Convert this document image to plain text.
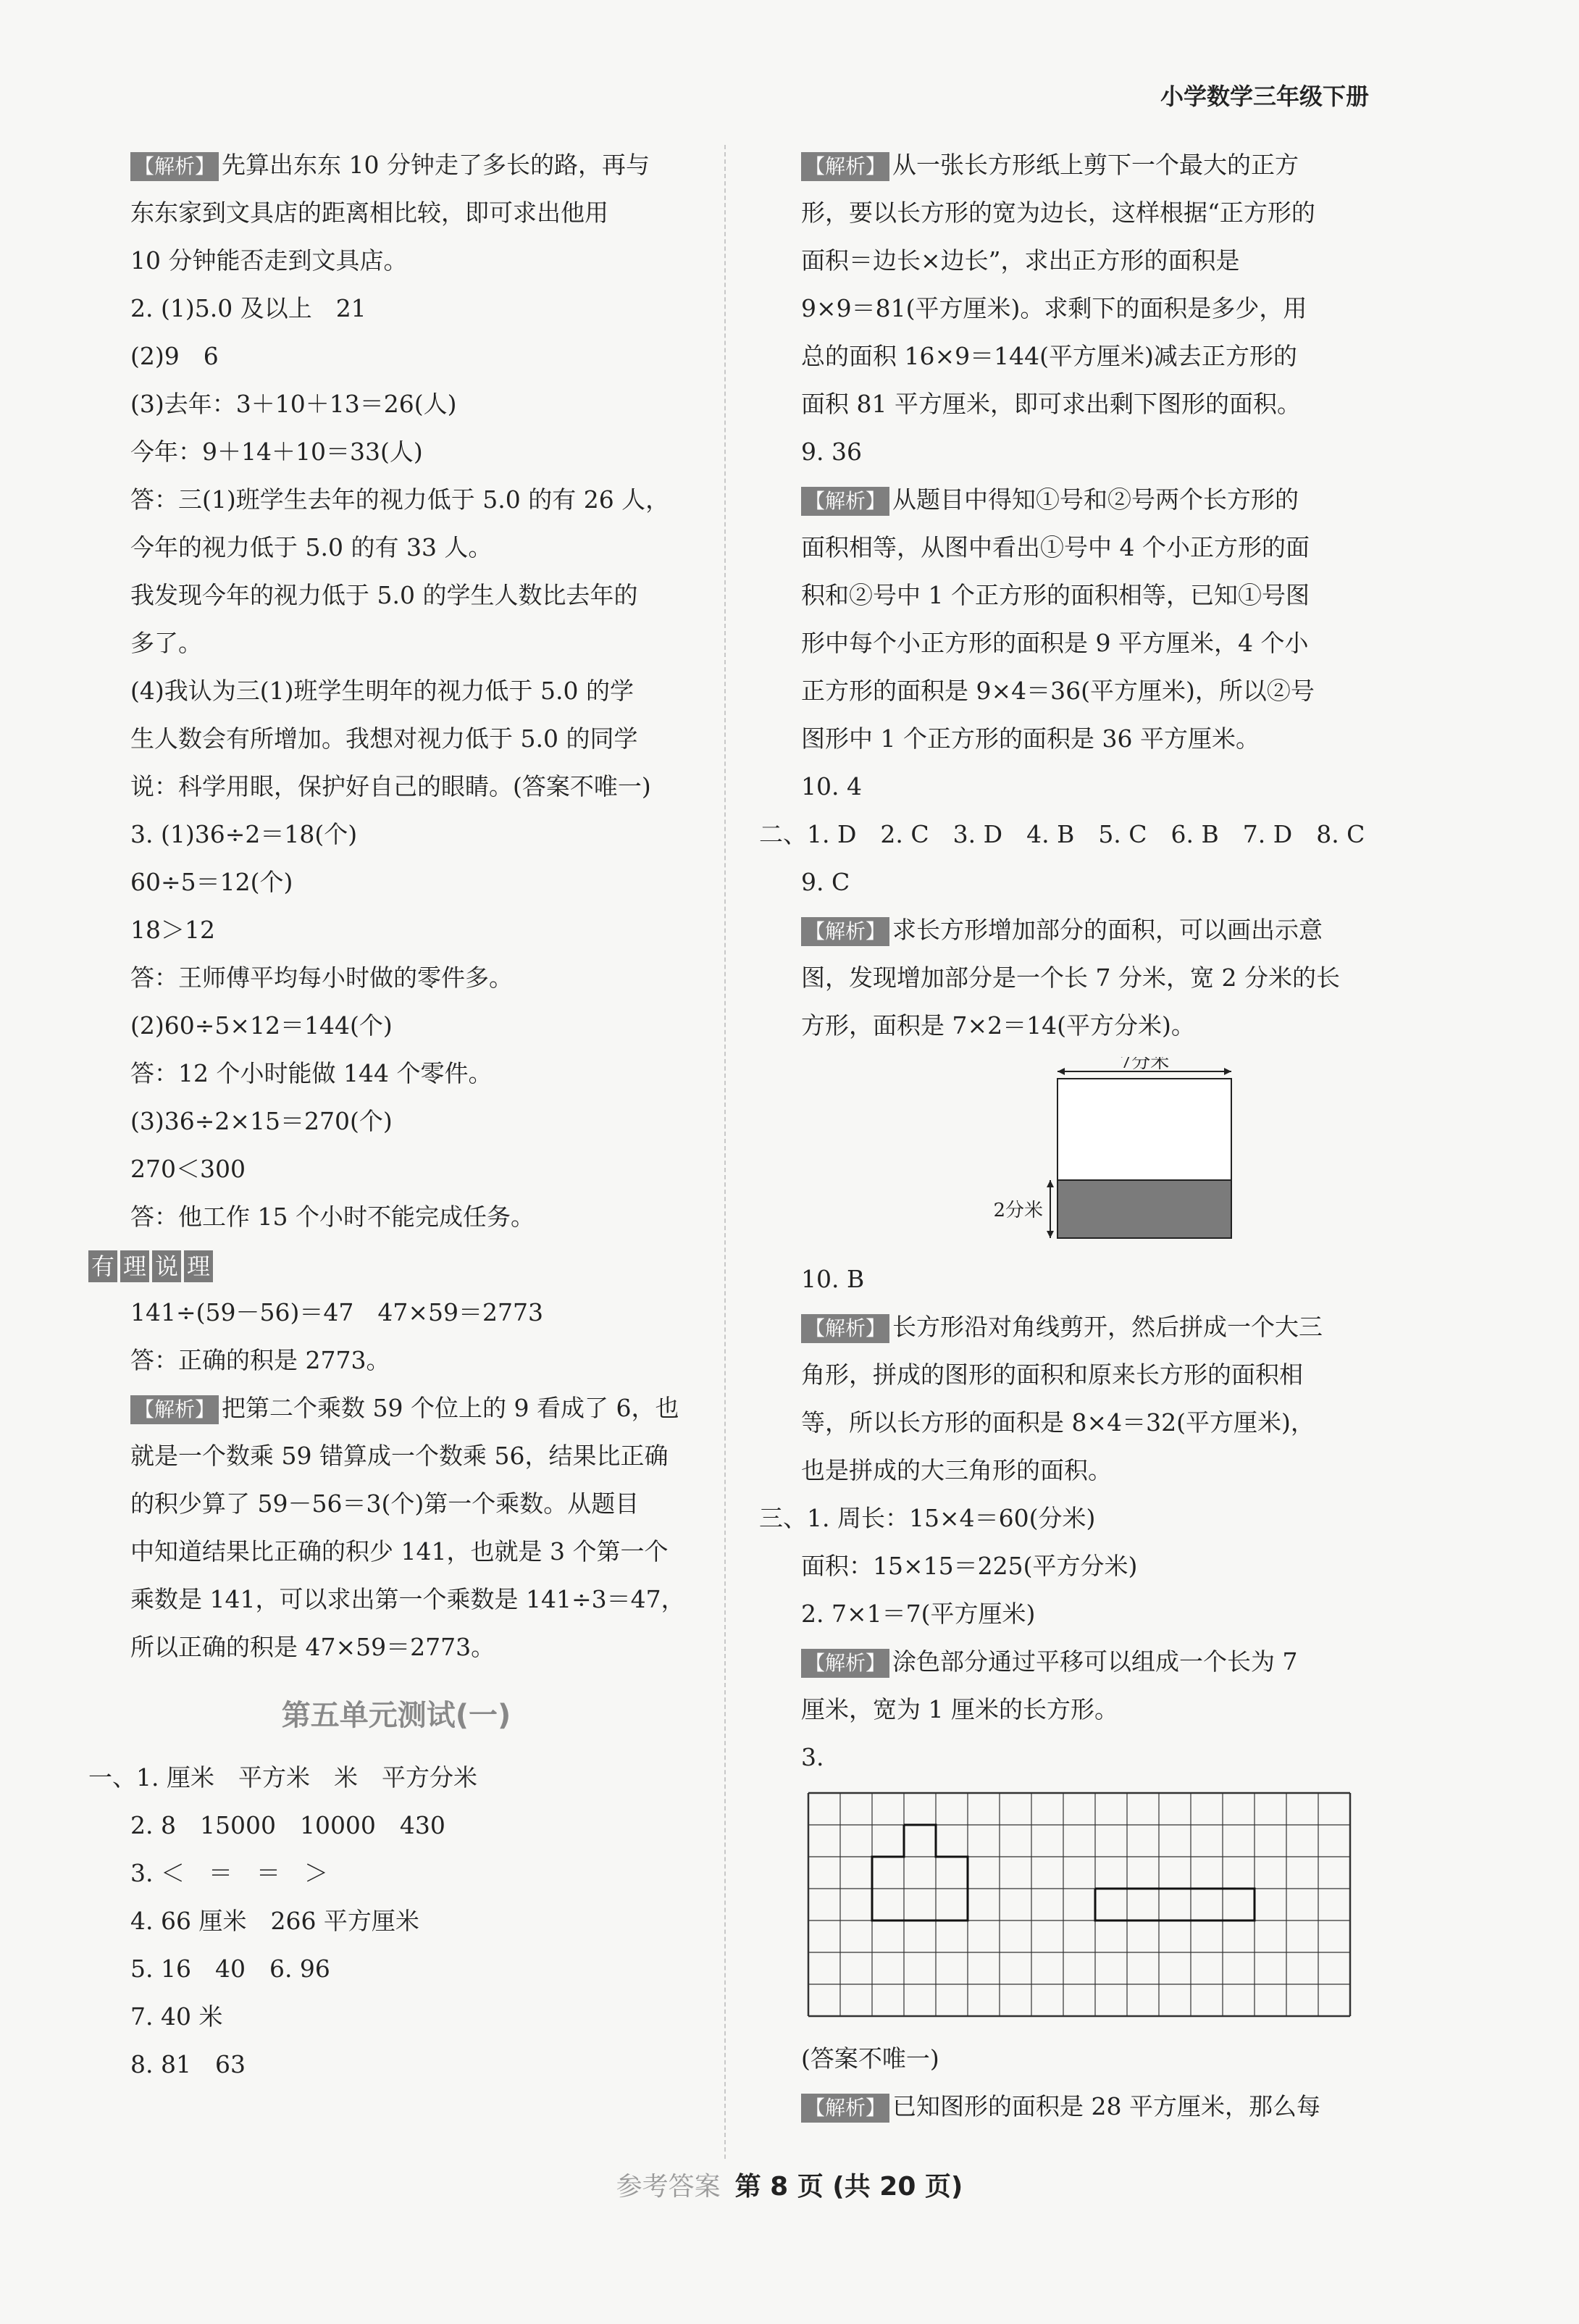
小学数学三年级下册
【解析】 先算出东东 10 分钟走了多长的路，再与
东东家到文具店的距离相比较，即可求出他用
10 分钟能否走到文具店。
2. (1)5.0 及以上　21
(2)9　6
(3)去年：3＋10＋13＝26(人)
今年：9＋14＋10＝33(人)
答：三(1)班学生去年的视力低于 5.0 的有 26 人，
今年的视力低于 5.0 的有 33 人。
我发现今年的视力低于 5.0 的学生人数比去年的
多了。
(4)我认为三(1)班学生明年的视力低于 5.0 的学
生人数会有所增加。我想对视力低于 5.0 的同学
说：科学用眼，保护好自己的眼睛。(答案不唯一)
3. (1)36÷2＝18(个)
60÷5＝12(个)
18＞12
答：王师傅平均每小时做的零件多。
(2)60÷5×12＝144(个)
答：12 个小时能做 144 个零件。
(3)36÷2×15＝270(个)
270＜300
答：他工作 15 个小时不能完成任务。
有 理 说 理
141÷(59－56)＝47　47×59＝2773
答：正确的积是 2773。
【解析】 把第二个乘数 59 个位上的 9 看成了 6，也
就是一个数乘 59 错算成一个数乘 56，结果比正确
的积少算了 59－56＝3(个)第一个乘数。从题目
中知道结果比正确的积少 141，也就是 3 个第一个
乘数是 141，可以求出第一个乘数是 141÷3＝47，
所以正确的积是 47×59＝2773。
第五单元测试(一)
一、1. 厘米　平方米　米　平方分米
2. 8　15000　10000　430
3. ＜　＝　＝　＞
4. 66 厘米　266 平方厘米
5. 16　40　6. 96
7. 40 米
8. 81　63
【解析】 从一张长方形纸上剪下一个最大的正方
形，要以长方形的宽为边长，这样根据“正方形的
面积＝边长×边长”，求出正方形的面积是
9×9＝81(平方厘米)。求剩下的面积是多少，用
总的面积 16×9＝144(平方厘米)减去正方形的
面积 81 平方厘米，即可求出剩下图形的面积。
9. 36
【解析】 从题目中得知①号和②号两个长方形的
面积相等，从图中看出①号中 4 个小正方形的面
积和②号中 1 个正方形的面积相等，已知①号图
形中每个小正方形的面积是 9 平方厘米，4 个小
正方形的面积是 9×4＝36(平方厘米)，所以②号
图形中 1 个正方形的面积是 36 平方厘米。
10. 4
二、1. D　2. C　3. D　4. B　5. C　6. B　7. D　8. C
9. C
【解析】 求长方形增加部分的面积，可以画出示意
图，发现增加部分是一个长 7 分米，宽 2 分米的长
方形，面积是 7×2＝14(平方分米)。
7分米
2分米
10. B
【解析】 长方形沿对角线剪开，然后拼成一个大三
角形，拼成的图形的面积和原来长方形的面积相
等，所以长方形的面积是 8×4＝32(平方厘米)，
也是拼成的大三角形的面积。
三、1. 周长：15×4＝60(分米)
面积：15×15＝225(平方分米)
2. 7×1＝7(平方厘米)
【解析】 涂色部分通过平移可以组成一个长为 7
厘米，宽为 1 厘米的长方形。
3.
(答案不唯一)
【解析】 已知图形的面积是 28 平方厘米，那么每
参考答案 第 8 页 (共 20 页)
